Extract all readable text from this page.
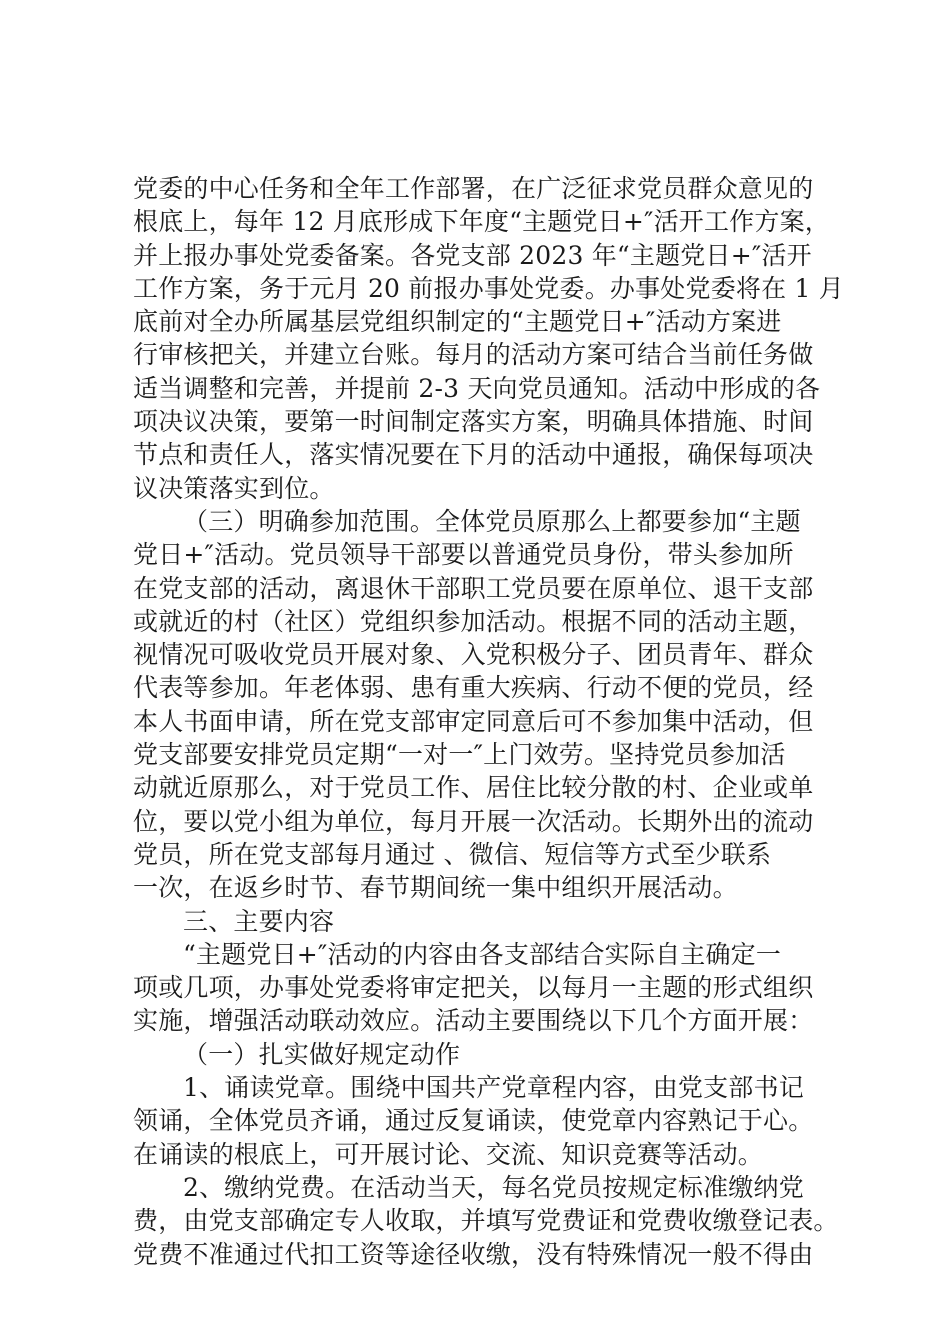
党委的中心任务和全年工作部署，在广泛征求党员群众意见的
根底上，每年 12 月底形成下年度“主题党日+″活开工作方案，
并上报办事处党委备案。各党支部 2023 年“主题党日+″活开
工作方案，务于元月 20 前报办事处党委。办事处党委将在 1 月
底前对全办所属基层党组织制定的“主题党日+″活动方案进
行审核把关，并建立台账。每月的活动方案可结合当前任务做
适当调整和完善，并提前 2-3 天向党员通知。活动中形成的各
项决议决策，要第一时间制定落实方案，明确具体措施、时间
节点和责任人，落实情况要在下月的活动中通报，确保每项决
议决策落实到位。
（三）明确参加范围。全体党员原那么上都要参加“主题
党日+″活动。党员领导干部要以普通党员身份，带头参加所
在党支部的活动，离退休干部职工党员要在原单位、退干支部
或就近的村（社区）党组织参加活动。根据不同的活动主题，
视情况可吸收党员开展对象、入党积极分子、团员青年、群众
代表等参加。年老体弱、患有重大疾病、行动不便的党员，经
本人书面申请，所在党支部审定同意后可不参加集中活动，但
党支部要安排党员定期“一对一″上门效劳。坚持党员参加活
动就近原那么，对于党员工作、居住比较分散的村、企业或单
位，要以党小组为单位，每月开展一次活动。长期外出的流动
党员，所在党支部每月通过 、微信、短信等方式至少联系
一次，在返乡时节、春节期间统一集中组织开展活动。
三、主要内容
“主题党日+″活动的内容由各支部结合实际自主确定一
项或几项，办事处党委将审定把关，以每月一主题的形式组织
实施，增强活动联动效应。活动主要围绕以下几个方面开展：
（一）扎实做好规定动作
1、诵读党章。围绕中国共产党章程内容，由党支部书记
领诵，全体党员齐诵，通过反复诵读，使党章内容熟记于心。
在诵读的根底上，可开展讨论、交流、知识竞赛等活动。
2、缴纳党费。在活动当天，每名党员按规定标准缴纳党
费，由党支部确定专人收取，并填写党费证和党费收缴登记表。
党费不准通过代扣工资等途径收缴，没有特殊情况一般不得由
